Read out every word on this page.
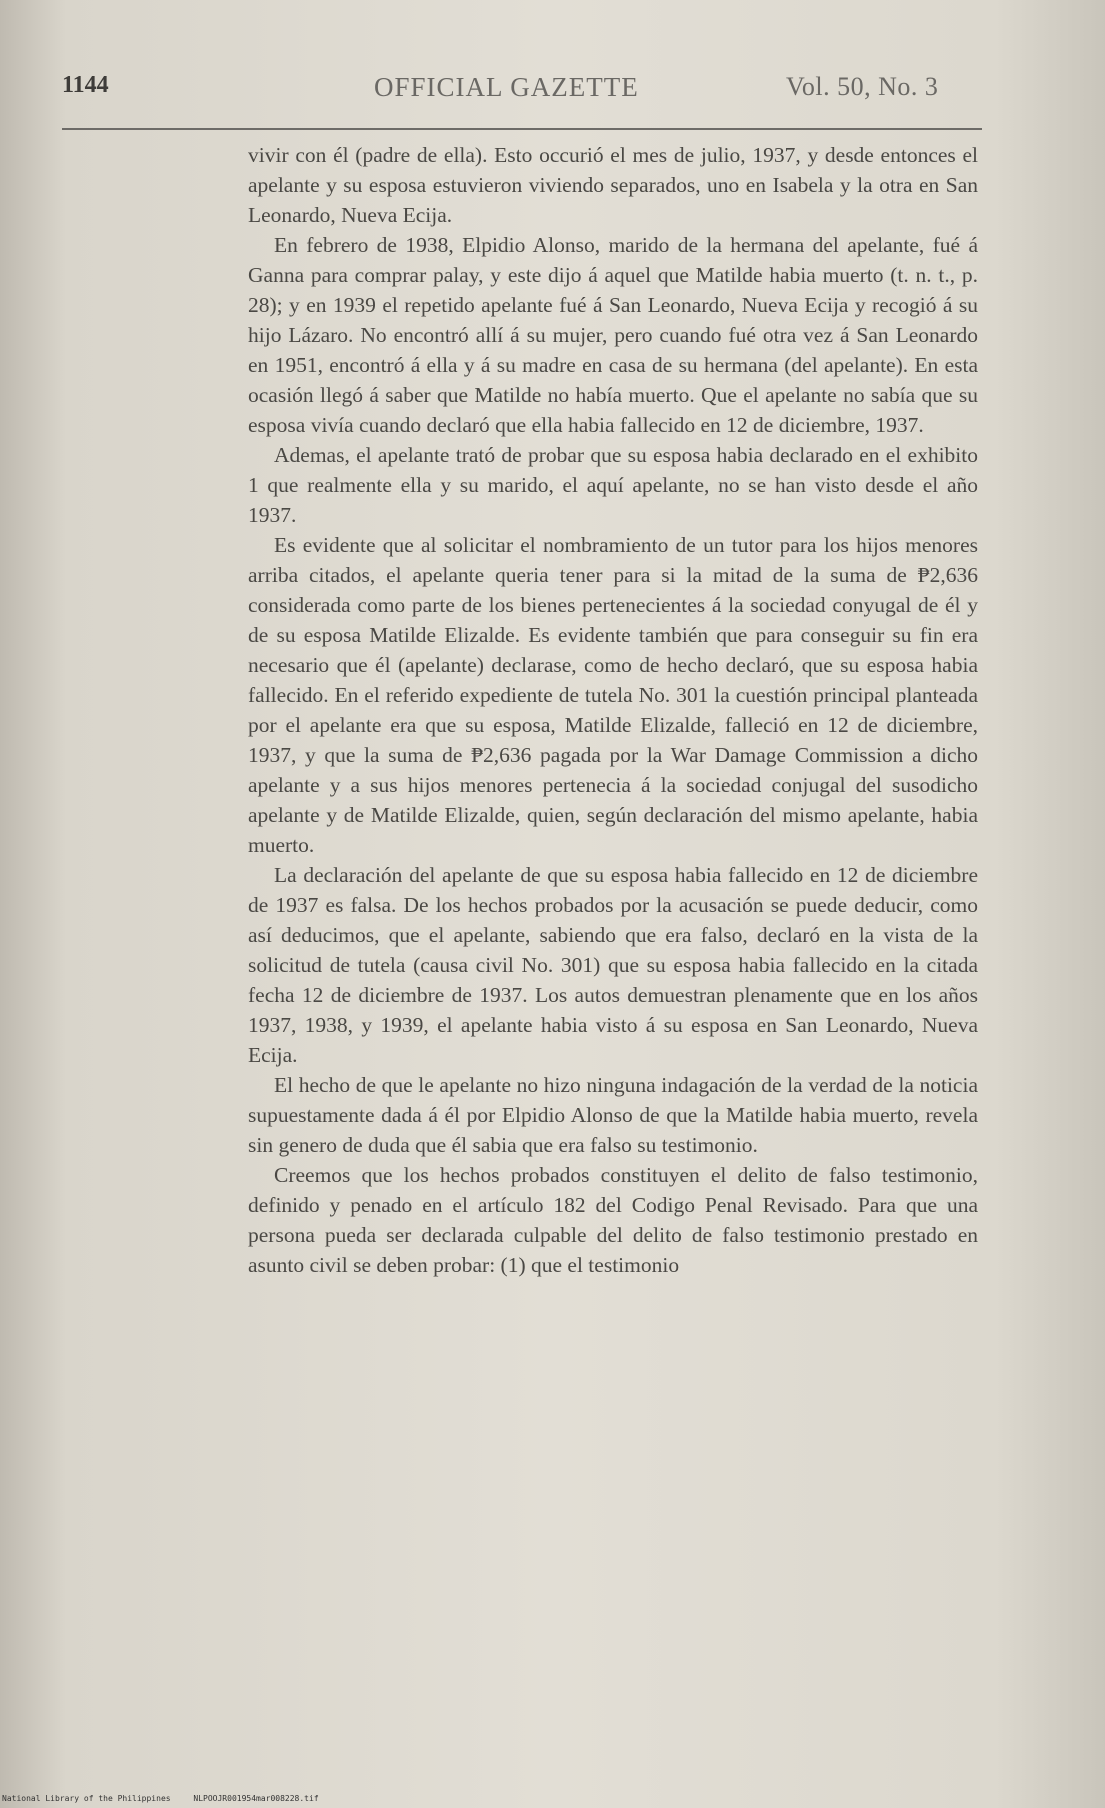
1144	OFFICIAL GAZETTE	Vol. 50, No. 3

vivir con él (padre de ella). Esto occurió el mes de julio, 1937, y desde entonces el apelante y su esposa estuvieron viviendo separados, uno en Isabela y la otra en San Leonardo, Nueva Ecija.

En febrero de 1938, Elpidio Alonso, marido de la hermana del apelante, fué á Ganna para comprar palay, y este dijo á aquel que Matilde habia muerto (t. n. t., p. 28); y en 1939 el repetido apelante fué á San Leonardo, Nueva Ecija y recogió á su hijo Lázaro. No encontró allí á su mujer, pero cuando fué otra vez á San Leonardo en 1951, encontró á ella y á su madre en casa de su hermana (del apelante). En esta ocasión llegó á saber que Matilde no había muerto. Que el apelante no sabía que su esposa vivía cuando declaró que ella habia fallecido en 12 de diciembre, 1937.

Ademas, el apelante trató de probar que su esposa habia declarado en el exhibito 1 que realmente ella y su marido, el aquí apelante, no se han visto desde el año 1937.

Es evidente que al solicitar el nombramiento de un tutor para los hijos menores arriba citados, el apelante queria tener para si la mitad de la suma de ₱2,636 considerada como parte de los bienes pertenecientes á la sociedad conyugal de él y de su esposa Matilde Elizalde. Es evidente también que para conseguir su fin era necesario que él (apelante) declarase, como de hecho declaró, que su esposa habia fallecido. En el referido expediente de tutela No. 301 la cuestión principal planteada por el apelante era que su esposa, Matilde Elizalde, falleció en 12 de diciembre, 1937, y que la suma de ₱2,636 pagada por la War Damage Commission a dicho apelante y a sus hijos menores pertenecia á la sociedad conjugal del susodicho apelante y de Matilde Elizalde, quien, según declaración del mismo apelante, habia muerto.

La declaración del apelante de que su esposa habia fallecido en 12 de diciembre de 1937 es falsa. De los hechos probados por la acusación se puede deducir, como así deducimos, que el apelante, sabiendo que era falso, declaró en la vista de la solicitud de tutela (causa civil No. 301) que su esposa habia fallecido en la citada fecha 12 de diciembre de 1937. Los autos demuestran plenamente que en los años 1937, 1938, y 1939, el apelante habia visto á su esposa en San Leonardo, Nueva Ecija.

El hecho de que le apelante no hizo ninguna indagación de la verdad de la noticia supuestamente dada á él por Elpidio Alonso de que la Matilde habia muerto, revela sin genero de duda que él sabia que era falso su testimonio.

Creemos que los hechos probados constituyen el delito de falso testimonio, definido y penado en el artículo 182 del Codigo Penal Revisado. Para que una persona pueda ser declarada culpable del delito de falso testimonio prestado en asunto civil se deben probar: (1) que el testimonio

National Library of the Philippines	NLPOOJR001954mar008228.tif
